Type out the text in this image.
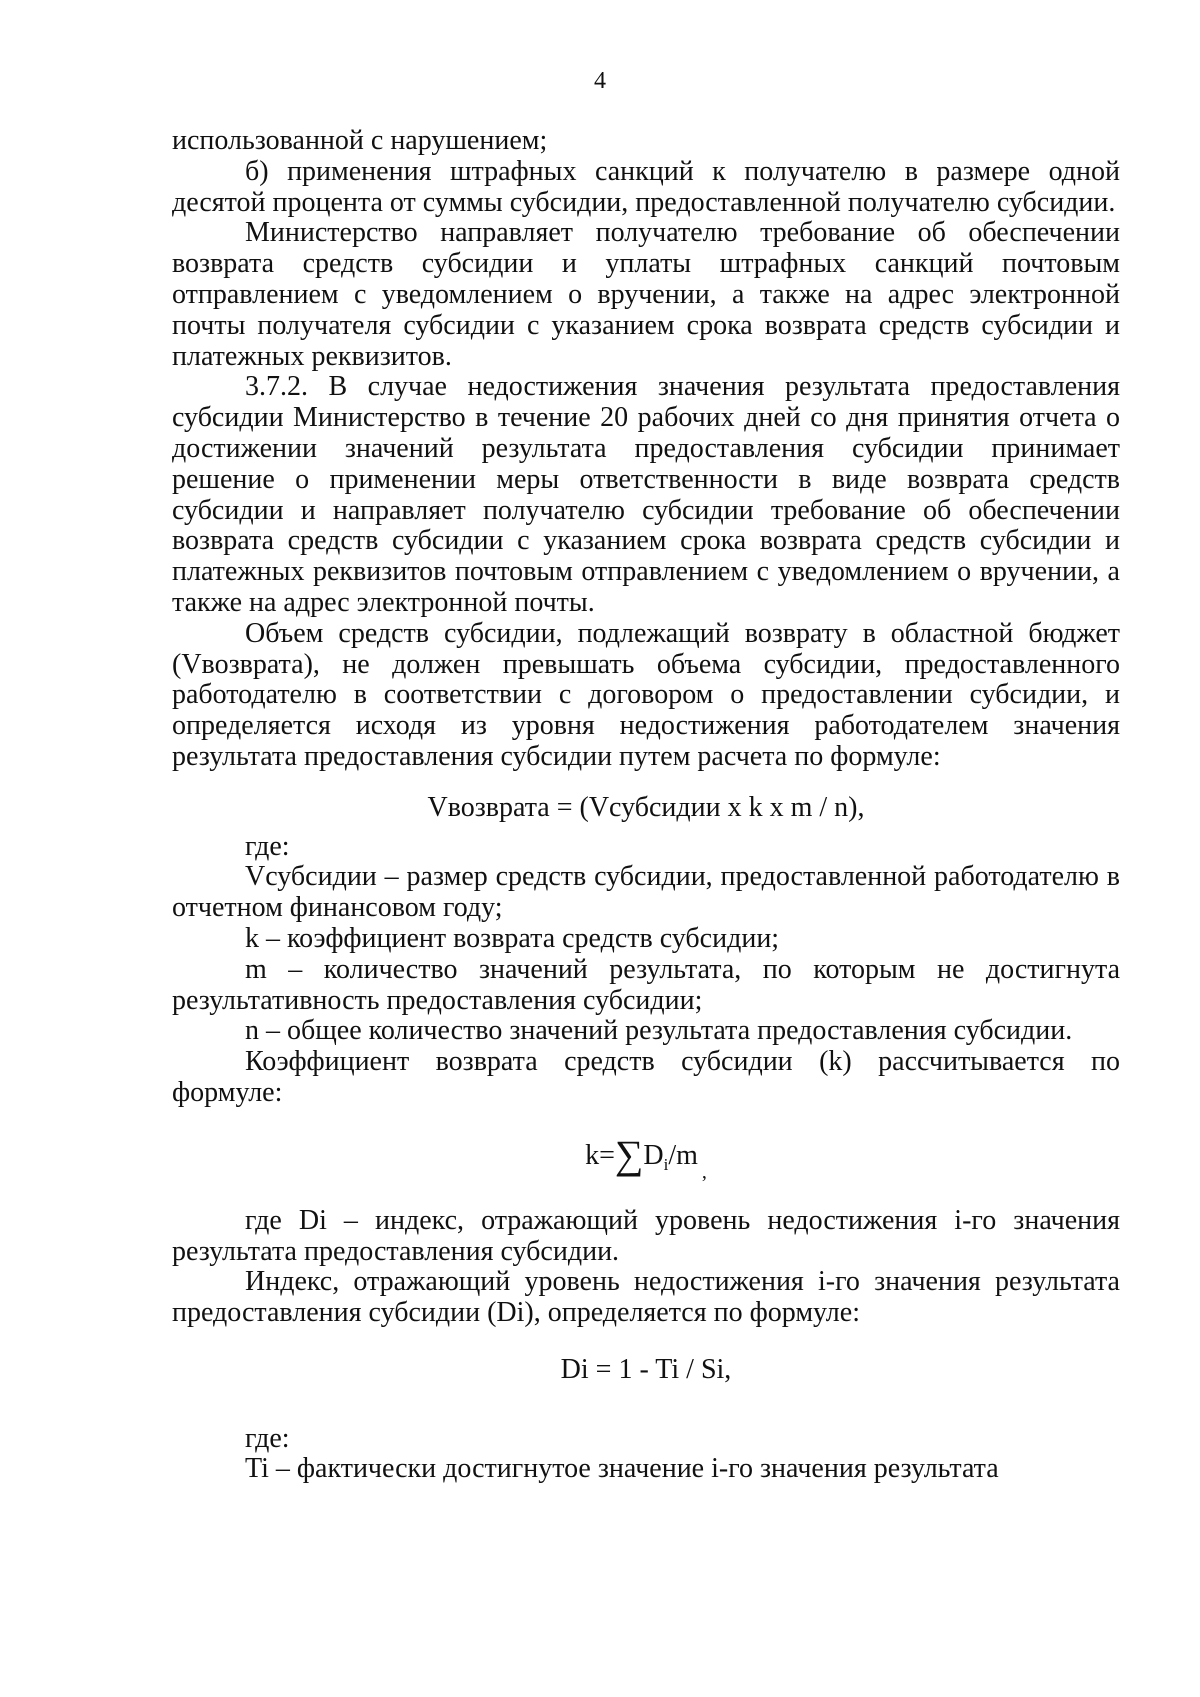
4

использованной с нарушением;

б) применения штрафных санкций к получателю в размере одной десятой процента от суммы субсидии, предоставленной получателю субсидии.

Министерство направляет получателю требование об обеспечении возврата средств субсидии и уплаты штрафных санкций почтовым отправлением с уведомлением о вручении, а также на адрес электронной почты получателя субсидии с указанием срока возврата средств субсидии и платежных реквизитов.

3.7.2. В случае недостижения значения результата предоставления субсидии Министерство в течение 20 рабочих дней со дня принятия отчета о достижении значений результата предоставления субсидии принимает решение о применении меры ответственности в виде возврата средств субсидии и направляет получателю субсидии требование об обеспечении возврата средств субсидии с указанием срока возврата средств субсидии и платежных реквизитов почтовым отправлением с уведомлением о вручении, а также на адрес электронной почты.

Объем средств субсидии, подлежащий возврату в областной бюджет (Vвозврата), не должен превышать объема субсидии, предоставленного работодателю в соответствии с договором о предоставлении субсидии, и определяется исходя из уровня недостижения работодателем значения результата предоставления субсидии путем расчета по формуле:

Vвозврата = (Vсубсидии x k x m / n),

где:

Vсубсидии – размер средств субсидии, предоставленной работодателю в отчетном финансовом году;

k – коэффициент возврата средств субсидии;

m – количество значений результата, по которым не достигнута результативность предоставления субсидии;

n – общее количество значений результата предоставления субсидии.

Коэффициент возврата средств субсидии (k) рассчитывается по формуле:

$k=\sum D_i/m_,$

где Di – индекс, отражающий уровень недостижения i-го значения результата предоставления субсидии.

Индекс, отражающий уровень недостижения i-го значения результата предоставления субсидии (Di), определяется по формуле:

Di = 1 - Ti / Si,

где:

Ti – фактически достигнутое значение i-го значения результата
